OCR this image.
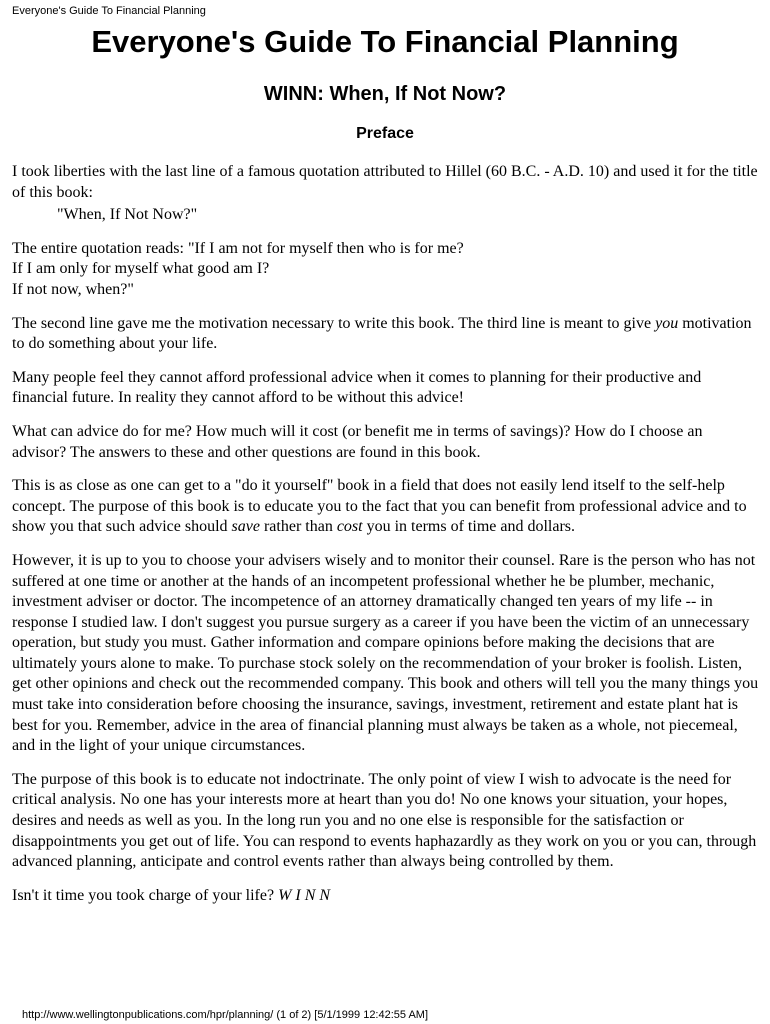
Everyone's Guide To Financial Planning
Everyone's Guide To Financial Planning
WINN: When, If Not Now?
Preface

I took liberties with the last line of a famous quotation attributed to Hillel (60 B.C. - A.D. 10) and used it for the title of this book:

"When, If Not Now?"

The entire quotation reads: "If I am not for myself then who is for me?
If I am only for myself what good am I?
If not now, when?"

The second line gave me the motivation necessary to write this book. The third line is meant to give you motivation to do something about your life.

Many people feel they cannot afford professional advice when it comes to planning for their productive and financial future. In reality they cannot afford to be without this advice!

What can advice do for me? How much will it cost (or benefit me in terms of savings)? How do I choose an advisor? The answers to these and other questions are found in this book.

This is as close as one can get to a "do it yourself" book in a field that does not easily lend itself to the self-help concept. The purpose of this book is to educate you to the fact that you can benefit from professional advice and to show you that such advice should save rather than cost you in terms of time and dollars.

However, it is up to you to choose your advisers wisely and to monitor their counsel. Rare is the person who has not suffered at one time or another at the hands of an incompetent professional whether he be plumber, mechanic, investment adviser or doctor. The incompetence of an attorney dramatically changed ten years of my life -- in response I studied law. I don't suggest you pursue surgery as a career if you have been the victim of an unnecessary operation, but study you must. Gather information and compare opinions before making the decisions that are ultimately yours alone to make. To purchase stock solely on the recommendation of your broker is foolish. Listen, get other opinions and check out the recommended company. This book and others will tell you the many things you must take into consideration before choosing the insurance, savings, investment, retirement and estate plant hat is best for you. Remember, advice in the area of financial planning must always be taken as a whole, not piecemeal, and in the light of your unique circumstances.

The purpose of this book is to educate not indoctrinate. The only point of view I wish to advocate is the need for critical analysis. No one has your interests more at heart than you do! No one knows your situation, your hopes, desires and needs as well as you. In the long run you and no one else is responsible for the satisfaction or disappointments you get out of life. You can respond to events haphazardly as they work on you or you can, through advanced planning, anticipate and control events rather than always being controlled by them.

Isn't it time you took charge of your life? W I N N

http://www.wellingtonpublications.com/hpr/planning/ (1 of 2) [5/1/1999 12:42:55 AM]
